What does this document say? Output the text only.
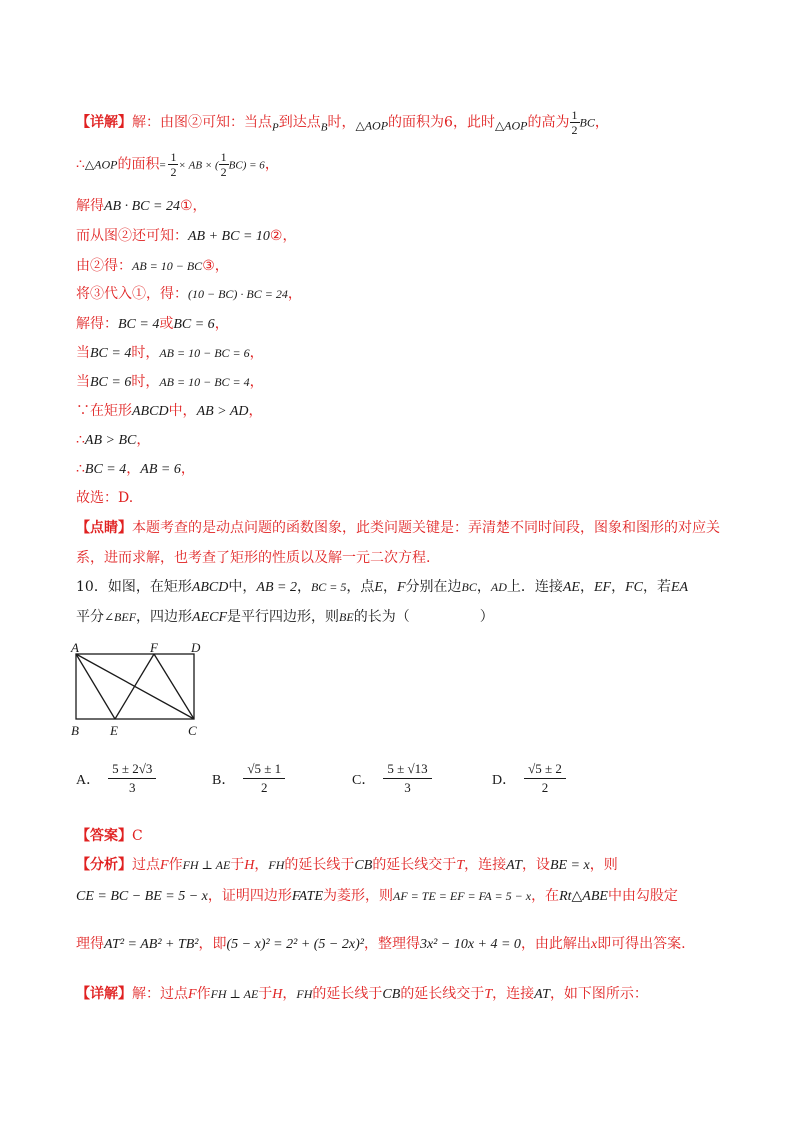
【详解】解：由图②可知：当点$_P$到达点$_B$时，△AOP的面积为6，此时△AOP的高为 $\frac{1}{2}$ BC，
∴△AOP的面积= $\frac{1}{2}$ × AB × ( $\frac{1}{2} BC) = 6$，
解得AB · BC = 24①，
而从图②还可知：AB + BC = 10②，
由②得：AB = 10 − BC③，
将③代入①，得：(10 − BC) · BC = 24，
解得：BC = 4或BC = 6，
当BC = 4时，AB = 10 − BC = 6，
当BC = 6时，AB = 10 − BC = 4，
∵在矩形ABCD中，AB > AD，
∴AB > BC，
∴BC = 4，AB = 6，
故选：D.
【点睛】本题考查的是动点问题的函数图象，此类问题关键是：弄清楚不同时间段，图象和图形的对应关
系，进而求解，也考查了矩形的性质以及解一元二次方程.
10．如图，在矩形ABCD中，AB = 2，BC = 5，点E，F分别在边BC，AD上．连接AE，EF，FC，若EA
平分∠BEF，四边形AECF是平行四边形，则BE的长为（　　　　　）
A	F	D
B E	C
A． $\frac{5 \pm 2√3}{3}$	B． $\frac{√5 \pm 1}{2}$	C． $\frac{5 \pm √13}{3}$	D． $\frac{√5 \pm 2}{2}$
【答案】C
【分析】过点F作FH ⊥ AE于H，FH的延长线于CB的延长线交于T，连接AT，设BE = x，则
CE = BC − BE = 5 − x，证明四边形FATE为菱形，则AF = TE = EF = FA = 5 − x，在Rt△ABE中由勾股定
理得AT² = AB² + TB²，即(5 − x)² = 2² + (5 − 2x)²，整理得3x² − 10x + 4 = 0，由此解出x即可得出答案.
【详解】解：过点F作FH ⊥ AE于H，FH的延长线于CB的延长线交于T，连接AT，如下图所示：
